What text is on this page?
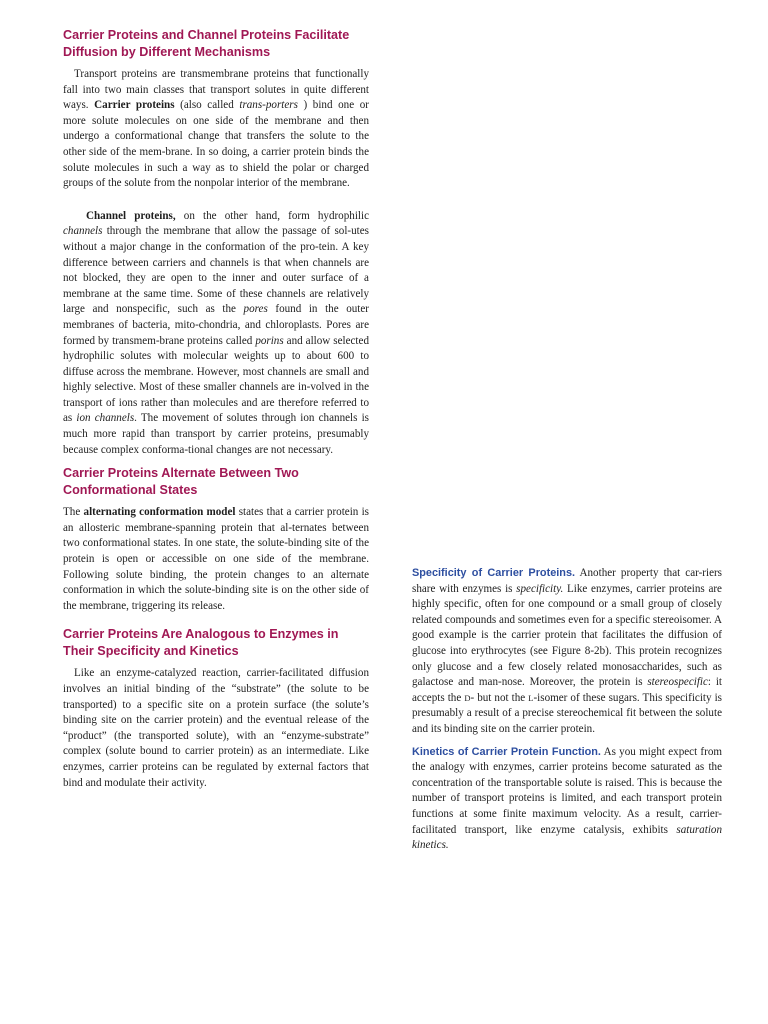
Carrier Proteins and Channel Proteins Facilitate Diffusion by Different Mechanisms

Transport proteins are transmembrane proteins that functionally fall into two main classes that transport solutes in quite different ways. Carrier proteins (also called trans-porters ) bind one or more solute molecules on one side of the membrane and then undergo a conformational change that transfers the solute to the other side of the mem-brane. In so doing, a carrier protein binds the solute molecules in such a way as to shield the polar or charged groups of the solute from the nonpolar interior of the membrane.

Channel proteins, on the other hand, form hydrophilic channels through the membrane that allow the passage of sol-utes without a major change in the conformation of the pro-tein. A key difference between carriers and channels is that when channels are not blocked, they are open to the inner and outer surface of a membrane at the same time. Some of these channels are relatively large and nonspecific, such as the pores found in the outer membranes of bacteria, mito-chondria, and chloroplasts. Pores are formed by transmem-brane proteins called porins and allow selected hydrophilic solutes with molecular weights up to about 600 to diffuse across the membrane. However, most channels are small and highly selective. Most of these smaller channels are in-volved in the transport of ions rather than molecules and are therefore referred to as ion channels. The movement of solutes through ion channels is much more rapid than transport by carrier proteins, presumably because complex conforma-tional changes are not necessary.

Carrier Proteins Alternate Between Two Conformational States

The alternating conformation model states that a carrier protein is an allosteric membrane-spanning protein that al-ternates between two conformational states. In one state, the solute-binding site of the protein is open or accessible on one side of the membrane. Following solute binding, the protein changes to an alternate conformation in which the solute-binding site is on the other side of the membrane, triggering its release.

Carrier Proteins Are Analogous to Enzymes in Their Specificity and Kinetics

Like an enzyme-catalyzed reaction, carrier-facilitated diffusion involves an initial binding of the “substrate” (the solute to be transported) to a specific site on a protein surface (the solute’s binding site on the carrier protein) and the eventual release of the “product” (the transported solute), with an “enzyme-substrate” complex (solute bound to carrier protein) as an intermediate. Like enzymes, carrier proteins can be regulated by external factors that bind and modulate their activity.

Specificity of Carrier Proteins. Another property that car-riers share with enzymes is specificity. Like enzymes, carrier proteins are highly specific, often for one compound or a small group of closely related compounds and sometimes even for a specific stereoisomer. A good example is the carrier protein that facilitates the diffusion of glucose into erythrocytes (see Figure 8-2b). This protein recognizes only glucose and a few closely related monosaccharides, such as galactose and man-nose. Moreover, the protein is stereospecific: it accepts the D- but not the L-isomer of these sugars. This specificity is presumably a result of a precise stereochemical fit between the solute and its binding site on the carrier protein.

Kinetics of Carrier Protein Function. As you might expect from the analogy with enzymes, carrier proteins become saturated as the concentration of the transportable solute is raised. This is because the number of transport proteins is limited, and each transport protein functions at some finite maximum velocity. As a result, carrier-facilitated transport, like enzyme catalysis, exhibits saturation kinetics.
